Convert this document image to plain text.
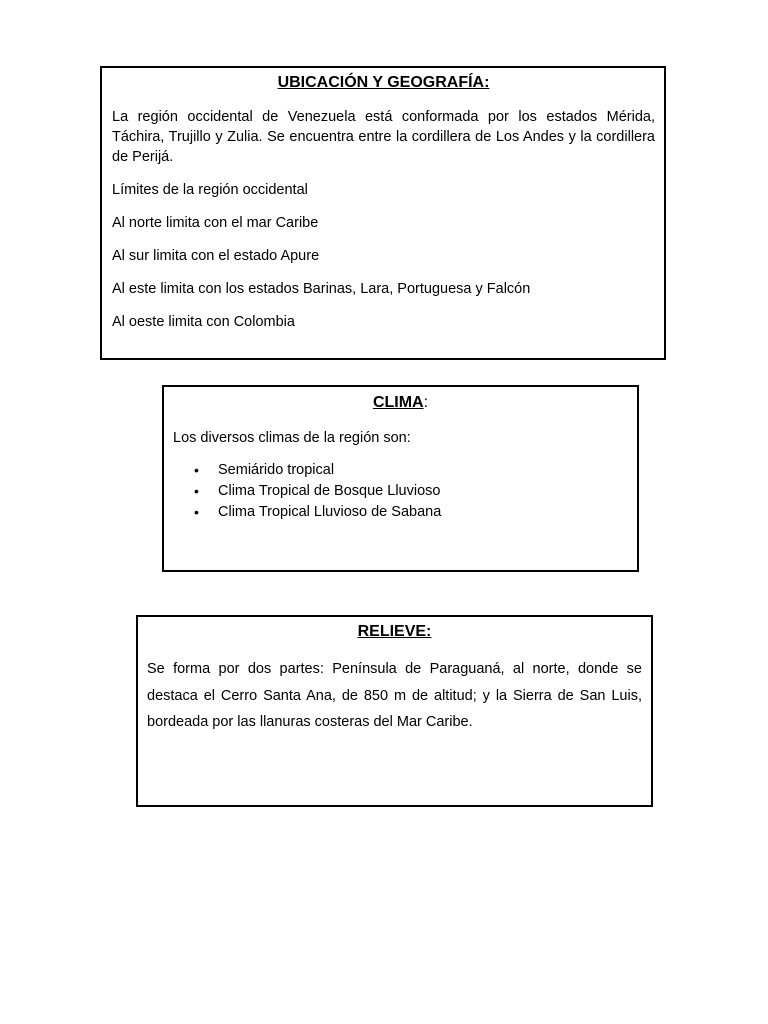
UBICACIÓN Y GEOGRAFÍA:

La región occidental de Venezuela está conformada por los estados Mérida, Táchira, Trujillo y Zulia. Se encuentra entre la cordillera de Los Andes y la cordillera de Perijá.

Límites de la región occidental

Al norte limita con el mar Caribe

Al sur limita con el estado Apure

Al este limita con los estados Barinas, Lara, Portuguesa y Falcón

Al oeste limita con Colombia

CLIMA:

Los diversos climas de la región son:

• Semiárido tropical
• Clima Tropical de Bosque Lluvioso
• Clima Tropical Lluvioso de Sabana

RELIEVE:

Se forma por dos partes: Península de Paraguaná, al norte, donde se destaca el Cerro Santa Ana, de 850 m de altitud; y la Sierra de San Luis, bordeada por las llanuras costeras del Mar Caribe.
